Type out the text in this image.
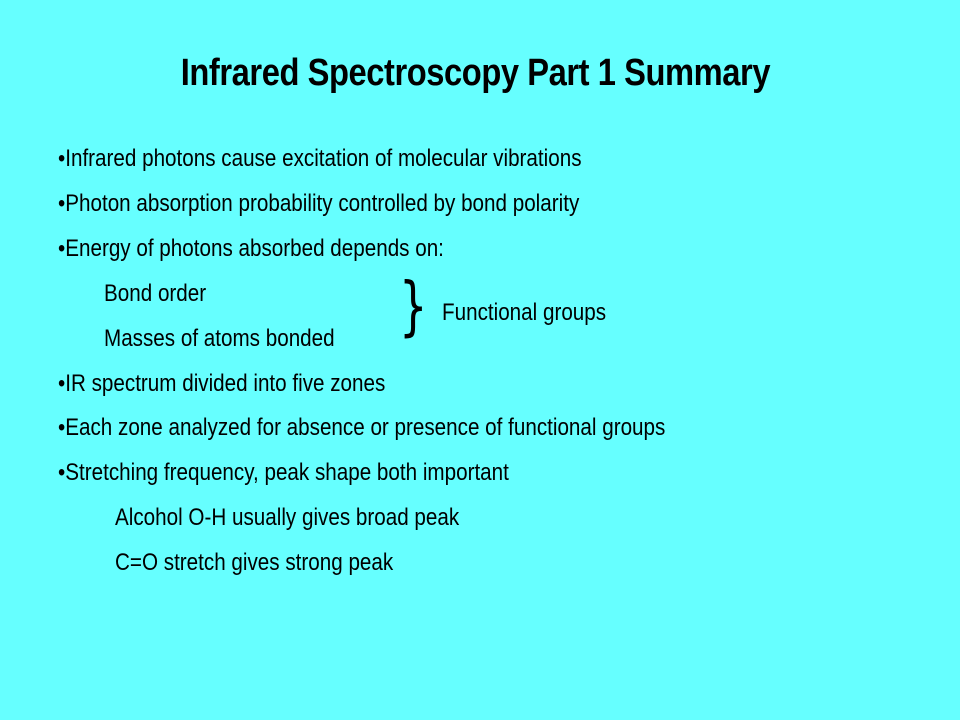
Infrared Spectroscopy Part 1 Summary
•Infrared photons cause excitation of molecular vibrations
•Photon absorption probability controlled by bond polarity
•Energy of photons absorbed depends on:
Bond order
Masses of atoms bonded } Functional groups
•IR spectrum divided into five zones
•Each zone analyzed for absence or presence of functional groups
•Stretching frequency, peak shape both important
Alcohol O-H usually gives broad peak
C=O stretch gives strong peak
